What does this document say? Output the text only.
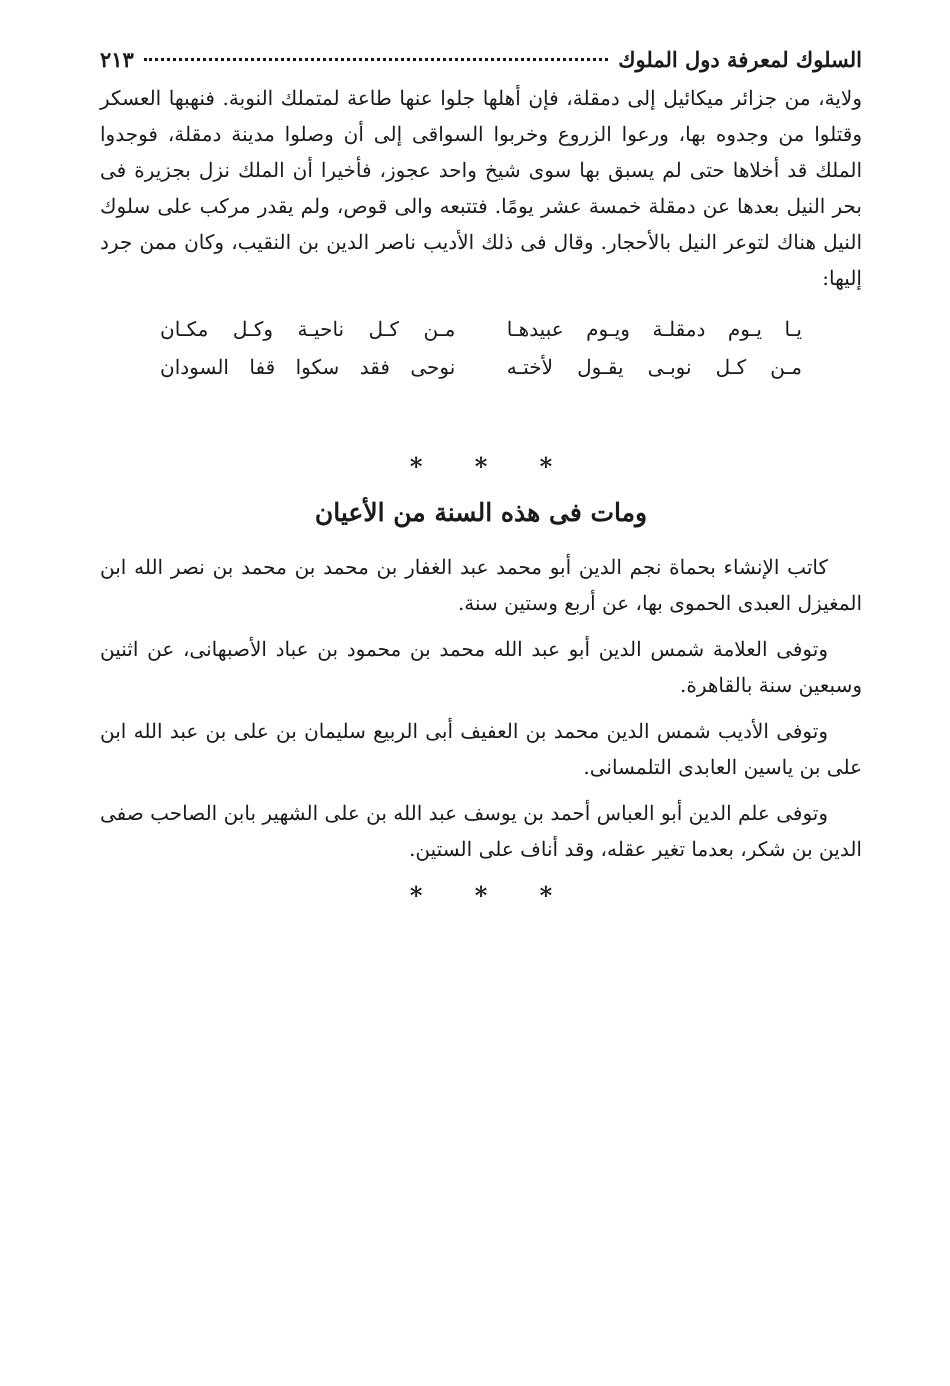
السلوك لمعرفة دول الملوك
٢١٣

ولاية، من جزائر ميكائيل إلى دمقلة، فإن أهلها جلوا عنها طاعة لمتملك النوبة. فنهبها العسكر وقتلوا من وجدوه بها، ورعوا الزروع وخربوا السواقى إلى أن وصلوا مدينة دمقلة، فوجدوا الملك قد أخلاها حتى لم يسبق بها سوى شيخ واحد عجوز، فأخيرا أن الملك نزل بجزيرة فى بحر النيل بعدها عن دمقلة خمسة عشر يومًا. فتتبعه والى قوص، ولم يقدر مركب على سلوك النيل هناك لتوعر النيل بالأحجار. وقال فى ذلك الأديب ناصر الدين بن النقيب، وكان ممن جرد إليها:

يـا يـوم دمقلـة ويـوم عبيدهـا
مـن كـل ناحيـة وكـل مكـان
مـن كـل نوبـى يقـول لأختـه
نوحى فقد سكوا قفا السودان

* * *

ومات فى هذه السنة من الأعيان

كاتب الإنشاء بحماة نجم الدين أبو محمد عبد الغفار بن محمد بن محمد بن نصر الله ابن المغيزل العبدى الحموى بها، عن أربع وستين سنة.

وتوفى العلامة شمس الدين أبو عبد الله محمد بن محمود بن عباد الأصبهانى، عن اثنين وسبعين سنة بالقاهرة.

وتوفى الأديب شمس الدين محمد بن العفيف أبى الربيع سليمان بن على بن عبد الله ابن على بن ياسين العابدى التلمسانى.

وتوفى علم الدين أبو العباس أحمد بن يوسف عبد الله بن على الشهير بابن الصاحب صفى الدين بن شكر، بعدما تغير عقله، وقد أناف على الستين.

* * *
